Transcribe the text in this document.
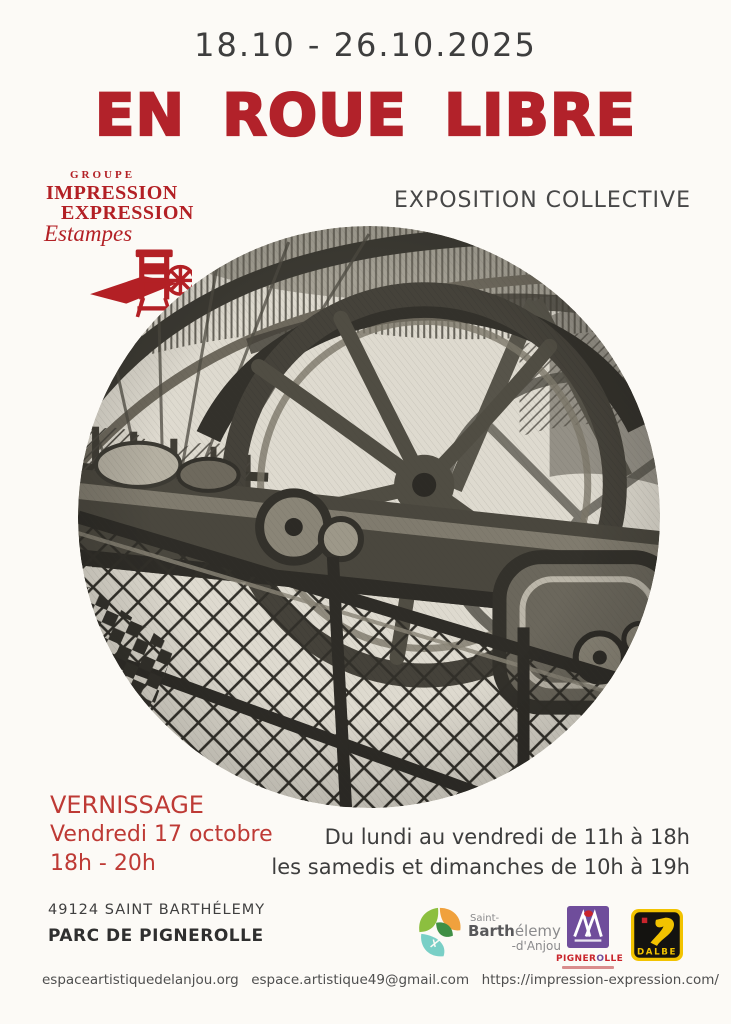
18.10 - 26.10.2025
EN ROUE LIBRE
GROUPE
IMPRESSION
EXPRESSION
Estampes
EXPOSITION COLLECTIVE
VERNISSAGE
Vendredi 17 octobre
18h - 20h
Du lundi au vendredi de 11h à 18h
les samedis et dimanches de 10h à 19h
49124 SAINT BARTHÉLEMY
PARC DE PIGNEROLLE
Saint-
Barthélemy
-d'Anjou
PIGNEROLLE
DALBE
espaceartistiquedelanjou.org espace.artistique49@gmail.com https://impression-expression.com/
